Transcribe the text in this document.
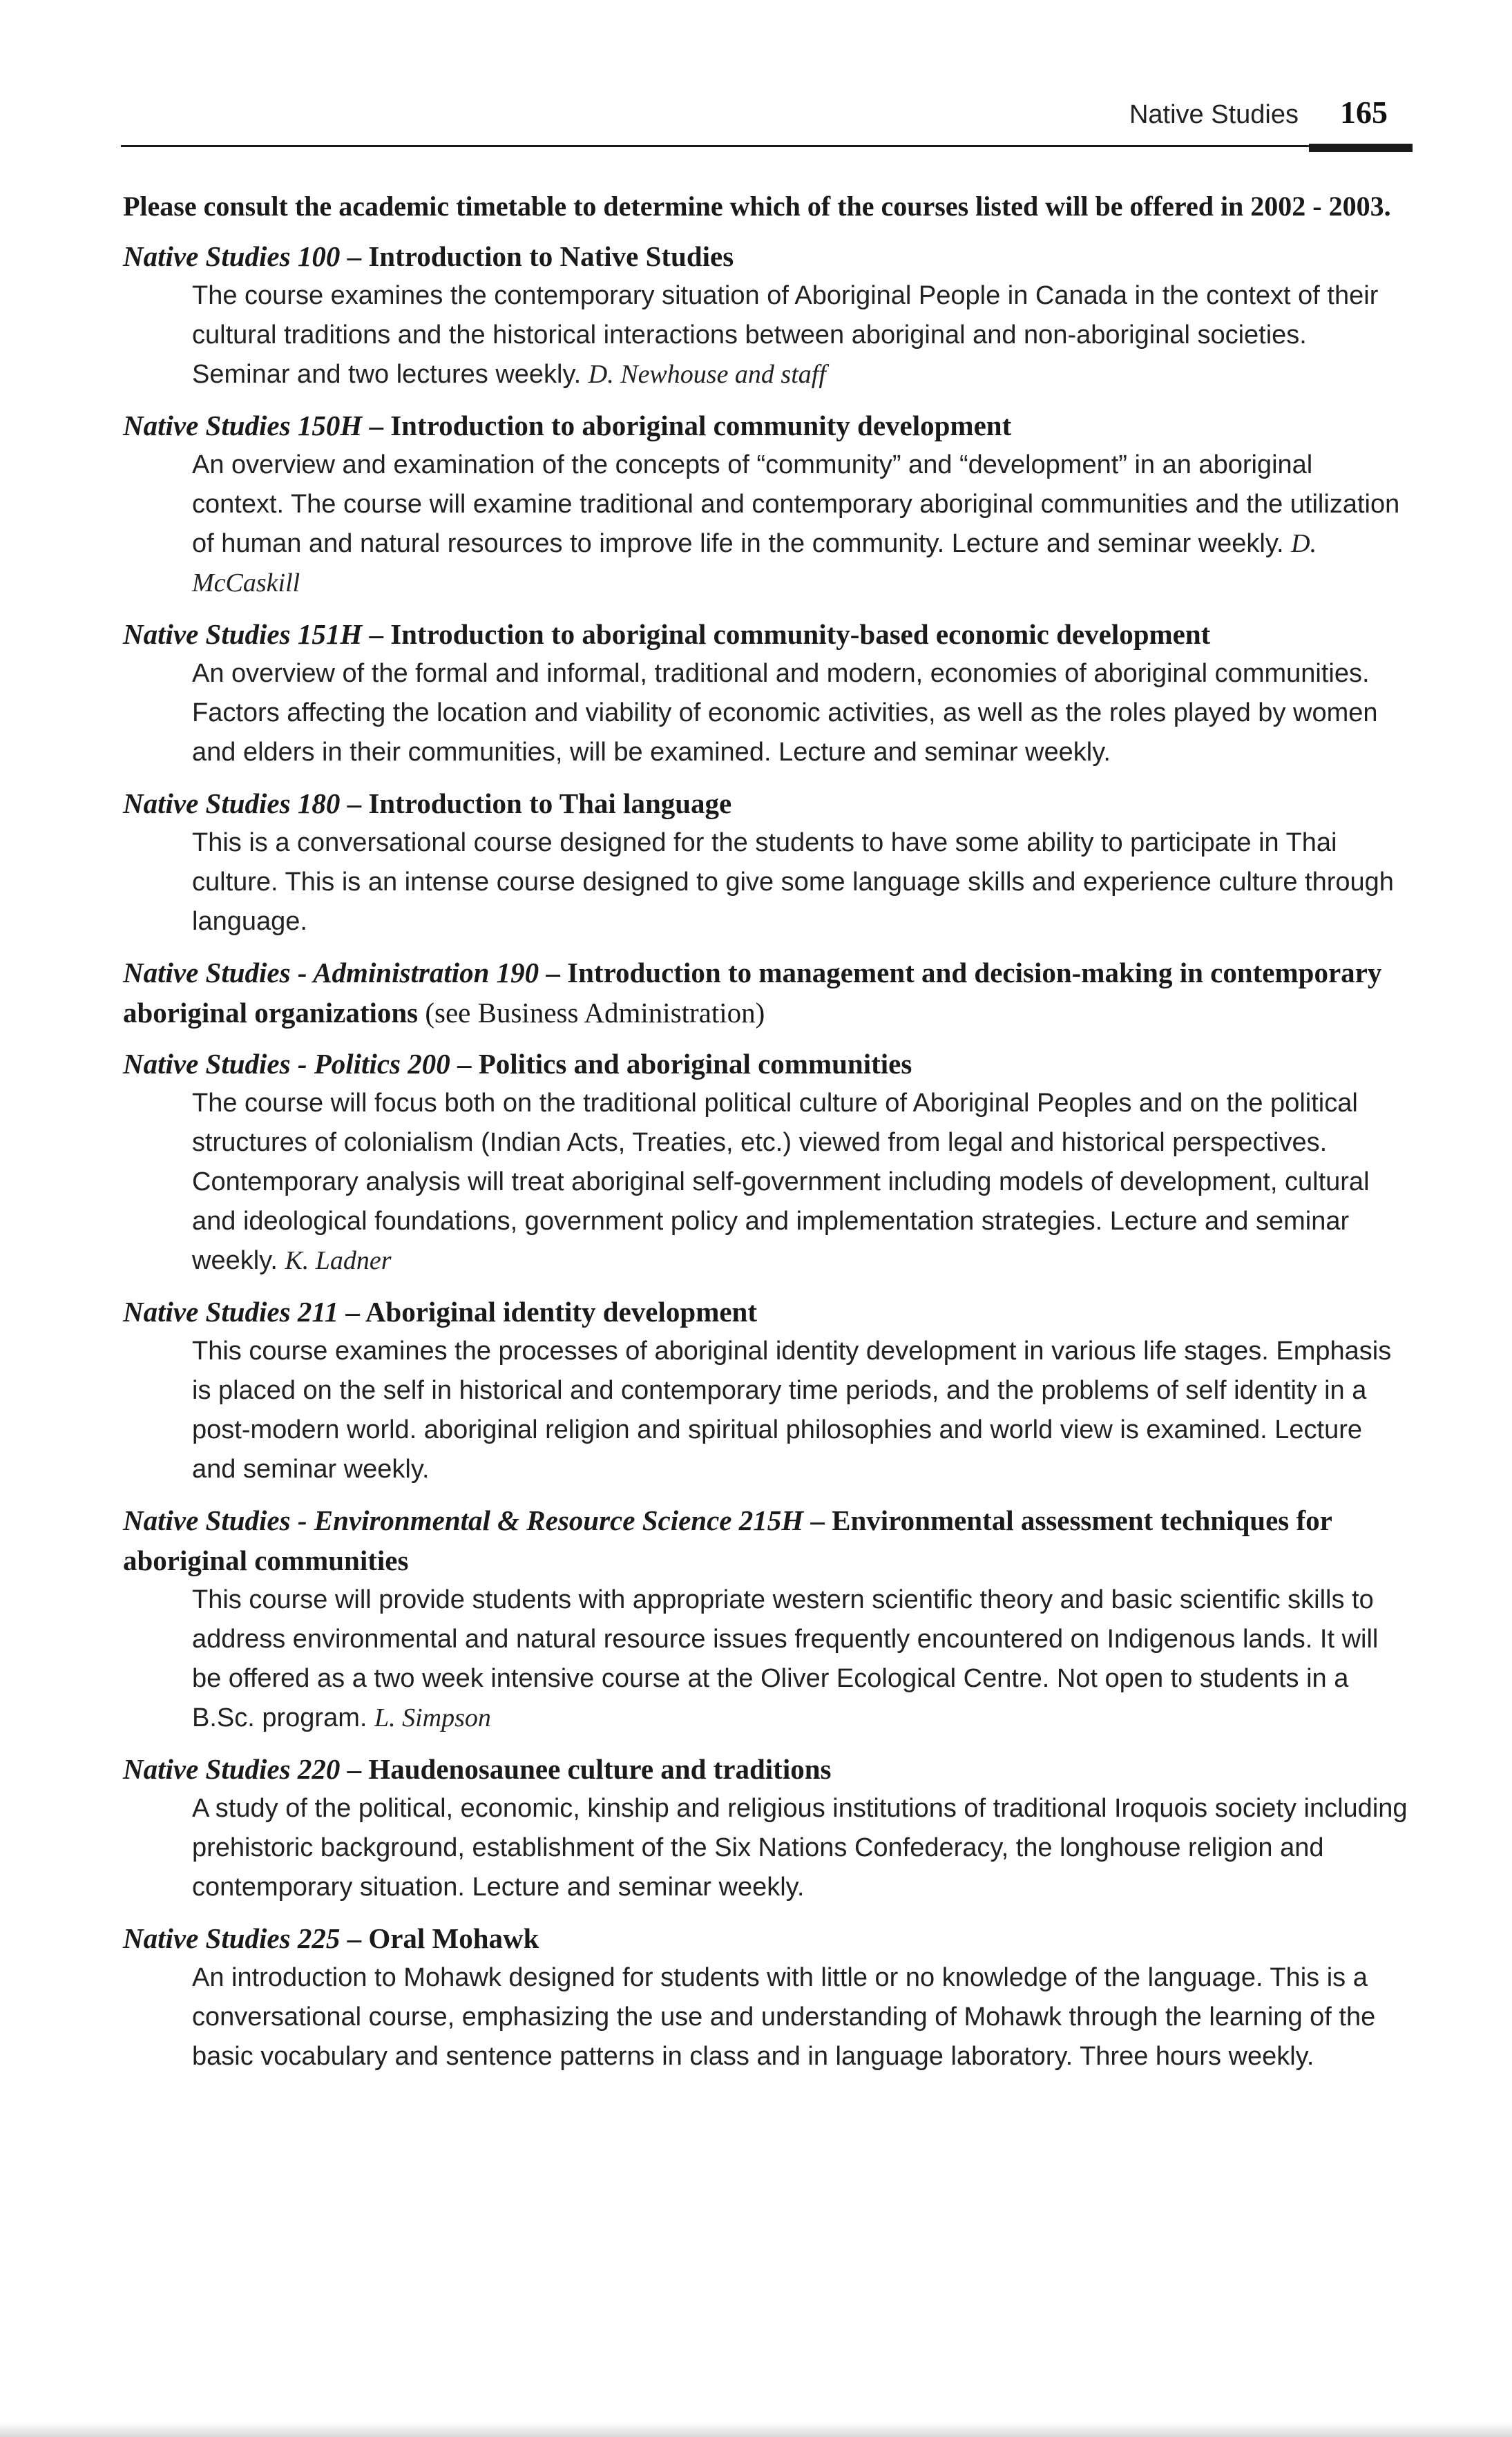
Native Studies 165

Please consult the academic timetable to determine which of the courses listed will be offered in 2002 - 2003.

Native Studies 100 – Introduction to Native Studies

The course examines the contemporary situation of Aboriginal People in Canada in the context of their cultural traditions and the historical interactions between aboriginal and non-aboriginal societies. Seminar and two lectures weekly. D. Newhouse and staff

Native Studies 150H – Introduction to aboriginal community development

An overview and examination of the concepts of “community” and “development” in an aboriginal context. The course will examine traditional and contemporary aboriginal communities and the utilization of human and natural resources to improve life in the community. Lecture and seminar weekly. D. McCaskill

Native Studies 151H – Introduction to aboriginal community-based economic development

An overview of the formal and informal, traditional and modern, economies of aboriginal communities. Factors affecting the location and viability of economic activities, as well as the roles played by women and elders in their communities, will be examined. Lecture and seminar weekly.

Native Studies 180 – Introduction to Thai language

This is a conversational course designed for the students to have some ability to participate in Thai culture. This is an intense course designed to give some language skills and experience culture through language.

Native Studies - Administration 190 – Introduction to management and decision-making in contemporary aboriginal organizations (see Business Administration)

Native Studies - Politics 200 – Politics and aboriginal communities

The course will focus both on the traditional political culture of Aboriginal Peoples and on the political structures of colonialism (Indian Acts, Treaties, etc.) viewed from legal and historical perspectives. Contemporary analysis will treat aboriginal self-government including models of development, cultural and ideological foundations, government policy and implementation strategies. Lecture and seminar weekly. K. Ladner

Native Studies 211 – Aboriginal identity development

This course examines the processes of aboriginal identity development in various life stages. Emphasis is placed on the self in historical and contemporary time periods, and the problems of self identity in a post-modern world. aboriginal religion and spiritual philosophies and world view is examined. Lecture and seminar weekly.

Native Studies - Environmental & Resource Science 215H – Environmental assessment techniques for aboriginal communities

This course will provide students with appropriate western scientific theory and basic scientific skills to address environmental and natural resource issues frequently encountered on Indigenous lands. It will be offered as a two week intensive course at the Oliver Ecological Centre. Not open to students in a B.Sc. program. L. Simpson

Native Studies 220 – Haudenosaunee culture and traditions

A study of the political, economic, kinship and religious institutions of traditional Iroquois society including prehistoric background, establishment of the Six Nations Confederacy, the longhouse religion and contemporary situation. Lecture and seminar weekly.

Native Studies 225 – Oral Mohawk

An introduction to Mohawk designed for students with little or no knowledge of the language. This is a conversational course, emphasizing the use and understanding of Mohawk through the learning of the basic vocabulary and sentence patterns in class and in language laboratory. Three hours weekly.
